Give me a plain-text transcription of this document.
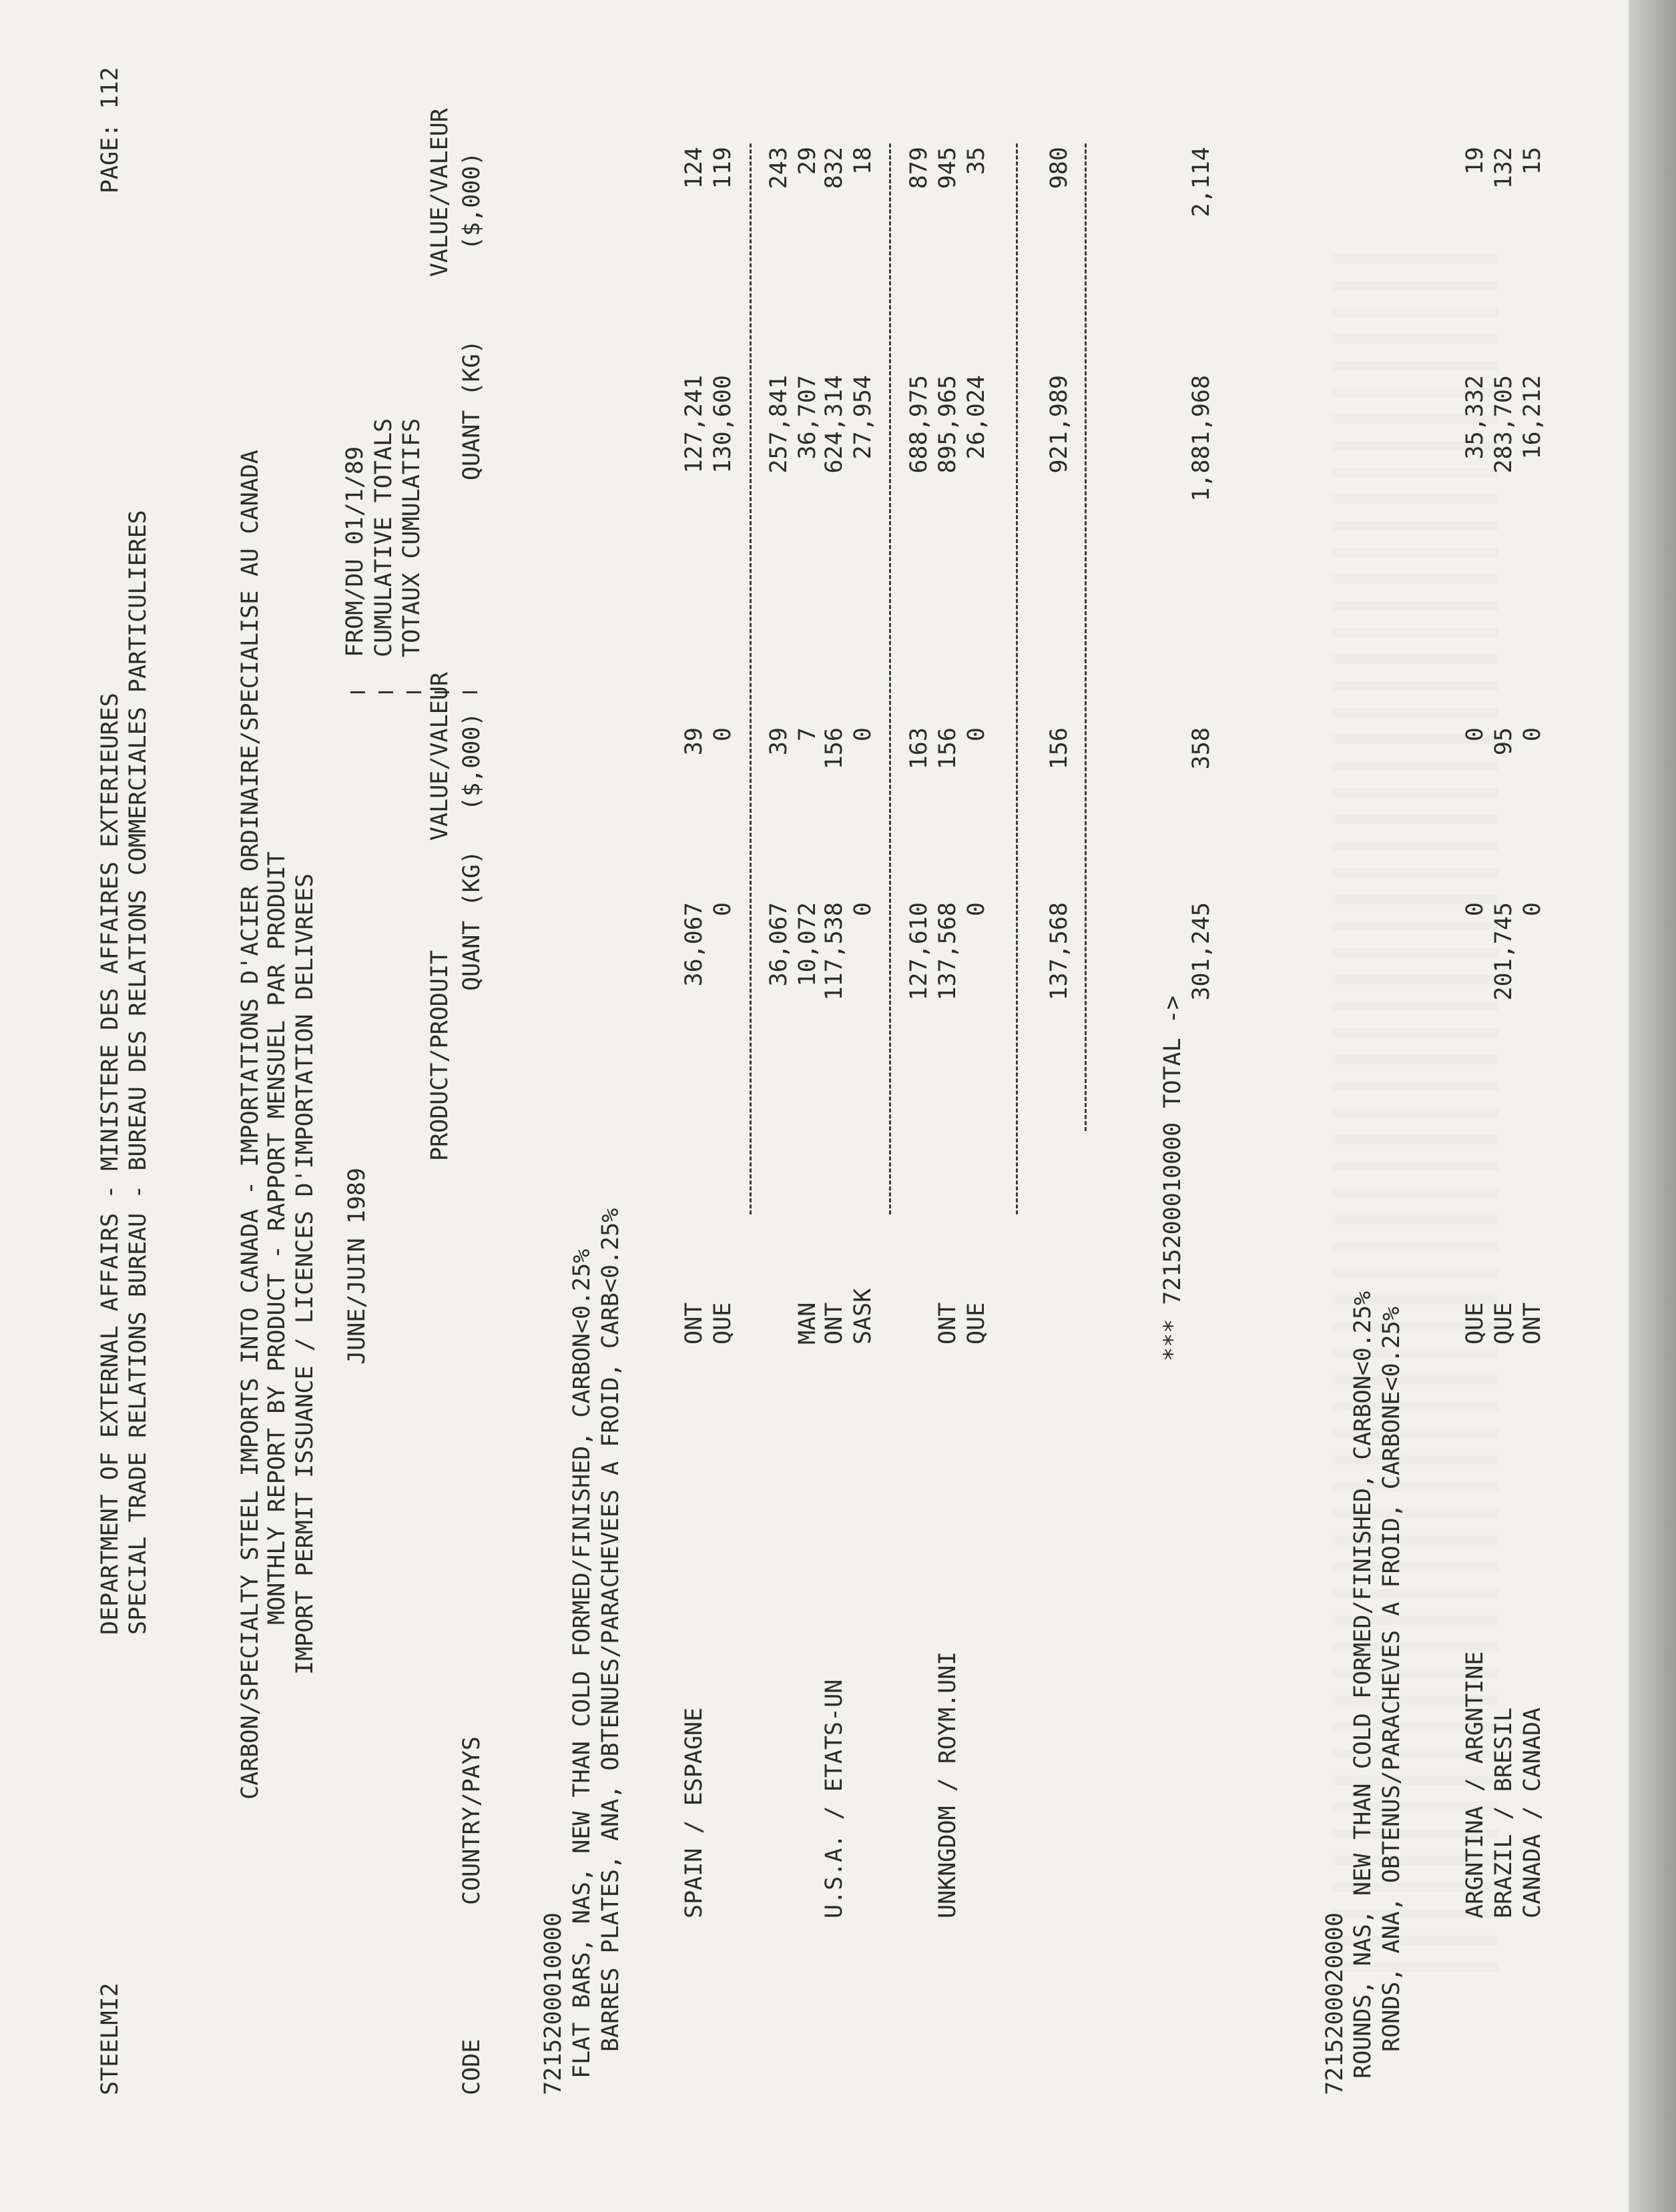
STEELMI2
DEPARTMENT OF EXTERNAL AFFAIRS - MINISTERE DES AFFAIRES EXTERIEURES SPECIAL TRADE RELATIONS BUREAU - BUREAU DES RELATIONS COMMERCIALES PARTICULIERES
PAGE: 112
CARBON/SPECIALTY STEEL IMPORTS INTO CANADA - IMPORTATIONS D'ACIER ORDINAIRE/SPECIALISE AU CANADA MONTHLY REPORT BY PRODUCT - RAPPORT MENSUEL PAR PRODUIT IMPORT PERMIT ISSUANCE / LICENCES D'IMPORTATION DELIVREES JUNE/JUIN 1989
FROM/DU 01/1/89 CUMULATIVE TOTALS TOTAUX CUMULATIFS
PRODUCT/PRODUIT
VALUE/VALEUR
VALUE/VALEUR
CODE
COUNTRY/PAYS
QUANT (KG)
($,000)
QUANT (KG)
($,000)
7215200010000 FLAT BARS, NAS, NEW THAN COLD FORMED/FINISHED, CARBON<0.25% BARRES PLATES, ANA, OBTENUES/PARACHEVEES A FROID, CARB<0.25% SPAIN / ESPAGNE
ONT
36,067
39
127,241
124
QUE
0
0
130,600
119
36,067
39
257,841
243
U.S.A. / ETATS-UN
MAN
10,072
7
36,707
29
ONT
117,538
156
624,314
832
SASK
0
0
27,954
18
127,610
163
688,975
879
UNKNGDOM / ROYM.UNI
ONT
137,568
156
895,965
945
QUE
0
0
26,024
35
137,568
156
921,989
980
*** 7215200010000 TOTAL ->
301,245
358
1,881,968
2,114
7215200020000 ROUNDS, NAS, NEW THAN COLD FORMED/FINISHED, CARBON<0.25% RONDS, ANA, OBTENUS/PARACHEVES A FROID, CARBONE<0.25% ARGNTINA / ARGNTINE
QUE
0
0
35,332
19
BRAZIL / BRESIL
QUE
201,745
95
283,705
132
CANADA / CANADA
ONT
0
0
16,212
15
